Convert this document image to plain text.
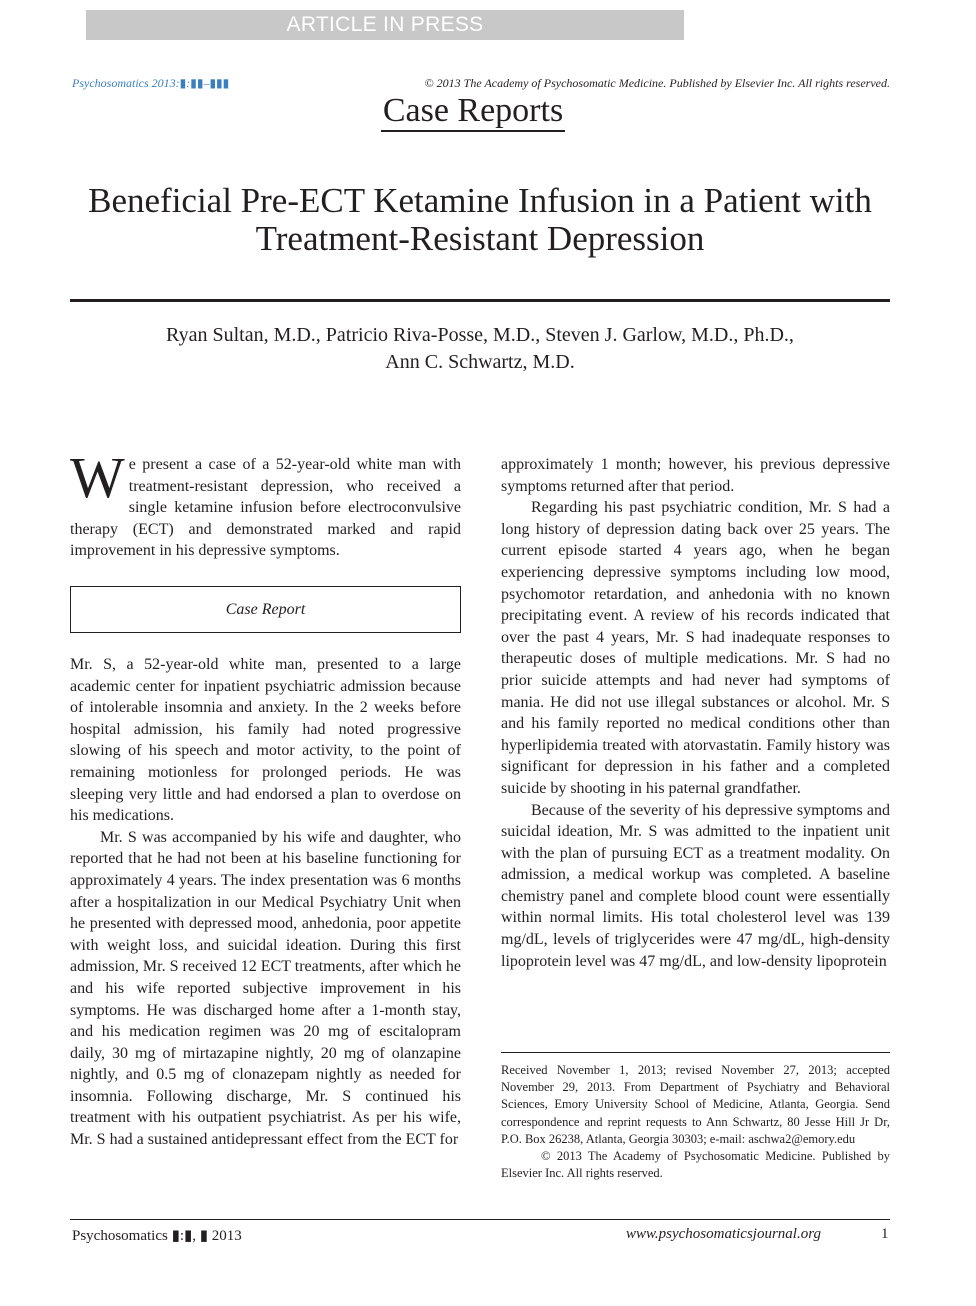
ARTICLE IN PRESS
Psychosomatics 2013:▮:▮▮–▮▮▮	© 2013 The Academy of Psychosomatic Medicine. Published by Elsevier Inc. All rights reserved.
Case Reports
Beneficial Pre-ECT Ketamine Infusion in a Patient with
Treatment-Resistant Depression
Ryan Sultan, M.D., Patricio Riva-Posse, M.D., Steven J. Garlow, M.D., Ph.D.,
Ann C. Schwartz, M.D.

We present a case of a 52-year-old white man with treatment-resistant depression, who received a single ketamine infusion before electroconvulsive therapy (ECT) and demonstrated marked and rapid improvement in his depressive symptoms.

Case Report

Mr. S, a 52-year-old white man, presented to a large academic center for inpatient psychiatric admission because of intolerable insomnia and anxiety. In the 2 weeks before hospital admission, his family had noted progressive slowing of his speech and motor activity, to the point of remaining motionless for prolonged periods. He was sleeping very little and had endorsed a plan to overdose on his medications.

Mr. S was accompanied by his wife and daughter, who reported that he had not been at his baseline functioning for approximately 4 years. The index presentation was 6 months after a hospitalization in our Medical Psychiatry Unit when he presented with depressed mood, anhedonia, poor appetite with weight loss, and suicidal ideation. During this first admission, Mr. S received 12 ECT treatments, after which he and his wife reported subjective improvement in his symptoms. He was discharged home after a 1-month stay, and his medication regimen was 20 mg of escitalopram daily, 30 mg of mirtazapine nightly, 20 mg of olanzapine nightly, and 0.5 mg of clonazepam nightly as needed for insomnia. Following discharge, Mr. S continued his treatment with his outpatient psychiatrist. As per his wife, Mr. S had a sustained antidepressant effect from the ECT for

approximately 1 month; however, his previous depressive symptoms returned after that period.

Regarding his past psychiatric condition, Mr. S had a long history of depression dating back over 25 years. The current episode started 4 years ago, when he began experiencing depressive symptoms including low mood, psychomotor retardation, and anhedonia with no known precipitating event. A review of his records indicated that over the past 4 years, Mr. S had inadequate responses to therapeutic doses of multiple medications. Mr. S had no prior suicide attempts and had never had symptoms of mania. He did not use illegal substances or alcohol. Mr. S and his family reported no medical conditions other than hyperlipidemia treated with atorvastatin. Family history was significant for depression in his father and a completed suicide by shooting in his paternal grandfather.

Because of the severity of his depressive symptoms and suicidal ideation, Mr. S was admitted to the inpatient unit with the plan of pursuing ECT as a treatment modality. On admission, a medical workup was completed. A baseline chemistry panel and complete blood count were essentially within normal limits. His total cholesterol level was 139 mg/dL, levels of triglycerides were 47 mg/dL, high-density lipoprotein level was 47 mg/dL, and low-density lipoprotein

Received November 1, 2013; revised November 27, 2013; accepted November 29, 2013. From Department of Psychiatry and Behavioral Sciences, Emory University School of Medicine, Atlanta, Georgia. Send correspondence and reprint requests to Ann Schwartz, 80 Jesse Hill Jr Dr, P.O. Box 26238, Atlanta, Georgia 30303; e-mail: aschwa2@emory.edu

© 2013 The Academy of Psychosomatic Medicine. Published by Elsevier Inc. All rights reserved.

Psychosomatics ▮:▮, ▮ 2013	www.psychosomaticsjournal.org	1
